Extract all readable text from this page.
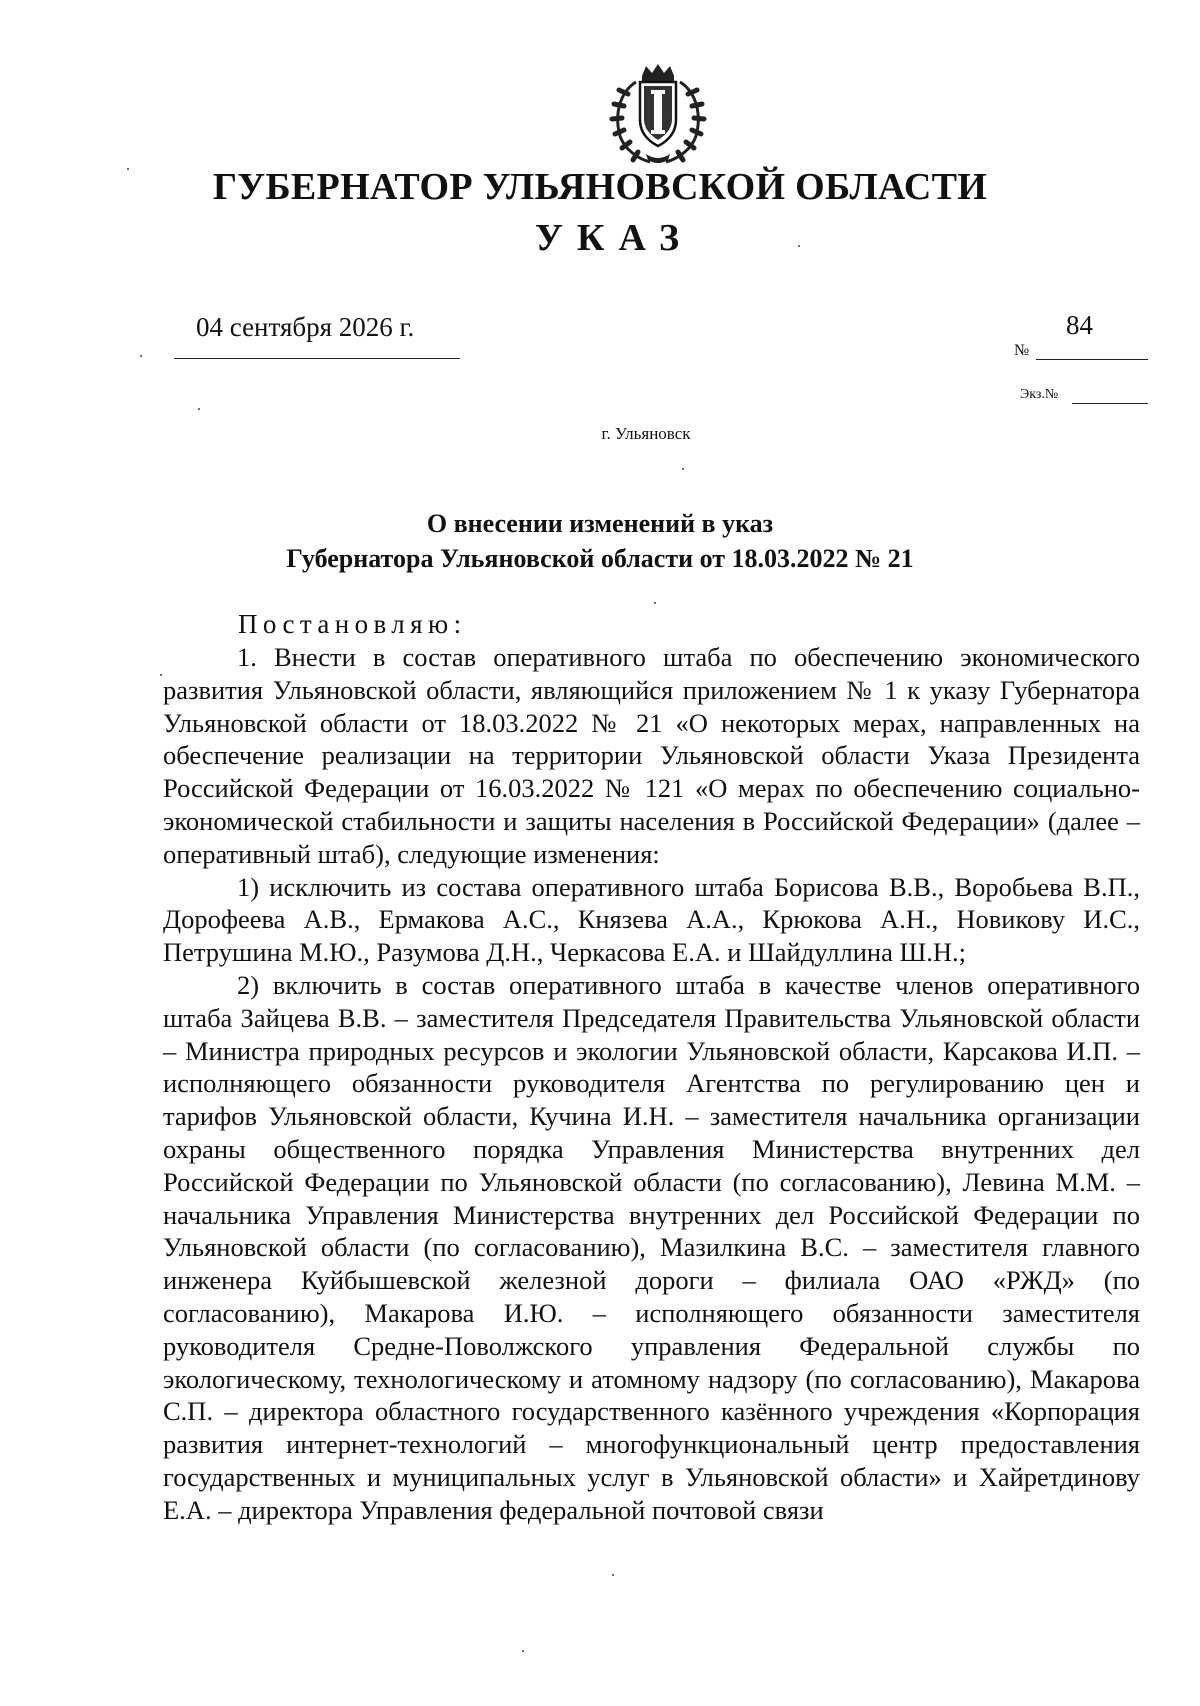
ГУБЕРНАТОР УЛЬЯНОВСКОЙ ОБЛАСТИ
УКАЗ
04 сентября 2026 г.
№
84
Экз.№
г. Ульяновск
О внесении изменений в указ
Губернатора Ульяновской области от 18.03.2022 № 21
Постановляю:

1. Внести в состав оперативного штаба по обеспечению экономического развития Ульяновской области, являющийся приложением № 1 к указу Губернатора Ульяновской области от 18.03.2022 № 21 «О некоторых мерах, направленных на обеспечение реализации на территории Ульяновской области Указа Президента Российской Федерации от 16.03.2022 № 121 «О мерах по обеспечению социально-экономической стабильности и защиты населения в Российской Федерации» (далее – оперативный штаб), следующие изменения:

1) исключить из состава оперативного штаба Борисова В.В., Воробьева В.П., Дорофеева А.В., Ермакова А.С., Князева А.А., Крюкова А.Н., Новикову И.С., Петрушина М.Ю., Разумова Д.Н., Черкасова Е.А. и Шайдуллина Ш.Н.;

2) включить в состав оперативного штаба в качестве членов оперативного штаба Зайцева В.В. – заместителя Председателя Правительства Ульяновской области – Министра природных ресурсов и экологии Ульяновской области, Карсакова И.П. – исполняющего обязанности руководителя Агентства по регулированию цен и тарифов Ульяновской области, Кучина И.Н. – заместителя начальника организации охраны общественного порядка Управления Министерства внутренних дел Российской Федерации по Ульяновской области (по согласованию), Левина М.М. – начальника Управления Министерства внутренних дел Российской Федерации по Ульяновской области (по согласованию), Мазилкина В.С. – заместителя главного инженера Куйбышевской железной дороги – филиала ОАО «РЖД» (по согласованию), Макарова И.Ю. – исполняющего обязанности заместителя руководителя Средне-Поволжского управления Федеральной службы по экологическому, технологическому и атомному надзору (по согласованию), Макарова С.П. – директора областного государственного казённого учреждения «Корпорация развития интернет-технологий – многофункциональный центр предоставления государственных и муниципальных услуг в Ульяновской области» и Хайретдинову Е.А. – директора Управления федеральной почтовой связи
